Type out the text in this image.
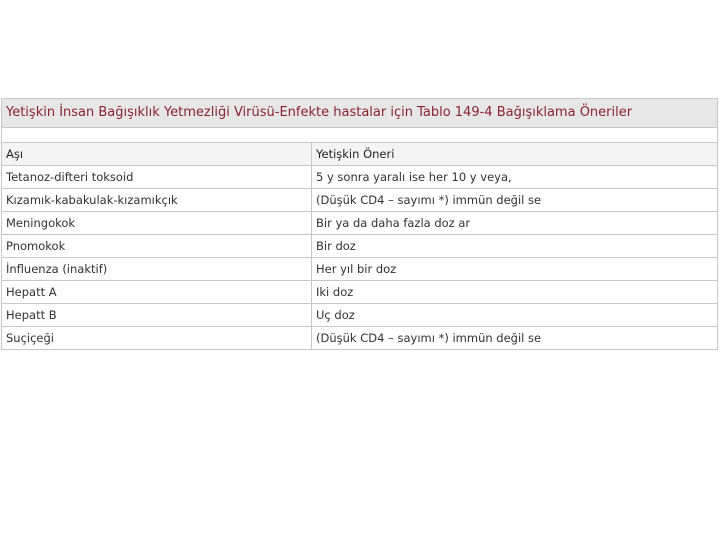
Yetişkin İnsan Bağışıklık Yetmezliği Virüsü-Enfekte hastalar için Tablo 149-4 Bağışıklama Öneriler
Aşı	Yetişkin Öneri
Tetanoz-difteri toksoid	5 y sonra yaralı ise her 10 y veya,
Kızamık-kabakulak-kızamıkçık	(Düşük CD4 – sayımı *) immün değil se
Meningokok	Bir ya da daha fazla doz ar
Pnomokok	Bir doz
İnfluenza (inaktif)	Her yıl bir doz
Hepatt A	Iki doz
Hepatt B	Uç doz
Suçiçeği	(Düşük CD4 – sayımı *) immün değil se
